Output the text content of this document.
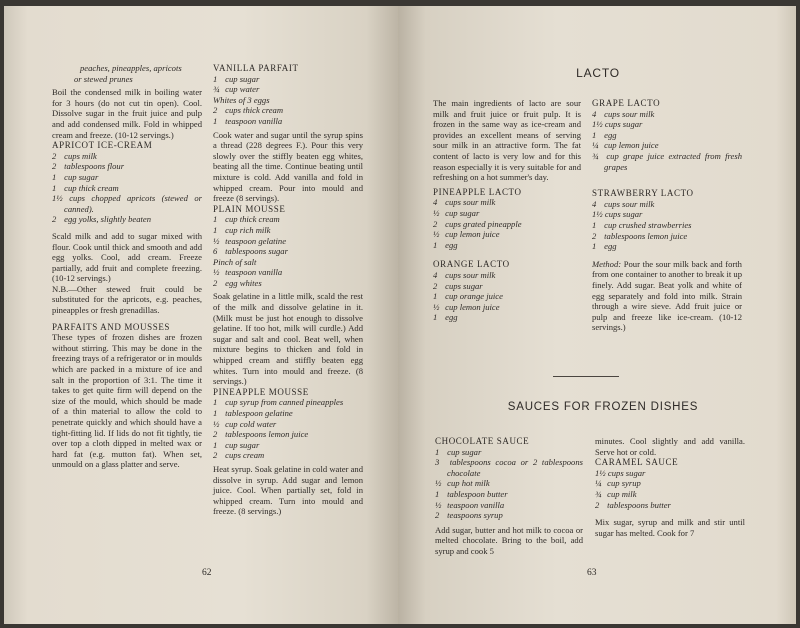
peaches, pineapples, apricots
or stewed prunes

Boil the condensed milk in boiling water for 3 hours (do not cut tin open). Cool. Dissolve sugar in the fruit juice and pulp and add condensed milk. Fold in whipped cream and freeze. (10-12 servings.)

APRICOT ICE-CREAM

2 cups milk
2 tablespoons flour
1 cup sugar
1 cup thick cream
1½ cups chopped apricots (stewed or canned).
2 egg yolks, slightly beaten

Scald milk and add to sugar mixed with flour. Cook until thick and smooth and add egg yolks. Cool, add cream. Freeze partially, add fruit and complete freezing. (10-12 servings.)

N.B.—Other stewed fruit could be substituted for the apricots, e.g. peaches, pineapples or fresh grenadillas.

PARFAITS AND MOUSSES

These types of frozen dishes are frozen without stirring. This may be done in the freezing trays of a refrigerator or in moulds which are packed in a mixture of ice and salt in the proportion of 3:1. The time it takes to get quite firm will depend on the size of the mould, which should be made of a thin material to allow the cold to penetrate quickly and which should have a tight-fitting lid. If lids do not fit tightly, tie over top a cloth dipped in melted wax or hard fat (e.g. mutton fat). When set, unmould on a glass platter and serve.

VANILLA PARFAIT

1 cup sugar
¾ cup water
Whites of 3 eggs
2 cups thick cream
1 teaspoon vanilla

Cook water and sugar until the syrup spins a thread (228 degrees F.). Pour this very slowly over the stiffly beaten egg whites, beating all the time. Continue beating until mixture is cold. Add vanilla and fold in whipped cream. Pour into mould and freeze (8 servings).

PLAIN MOUSSE

1 cup thick cream
1 cup rich milk
½ teaspoon gelatine
6 tablespoons sugar
Pinch of salt
½ teaspoon vanilla
2 egg whites

Soak gelatine in a little milk, scald the rest of the milk and dissolve gelatine in it. (Milk must be just hot enough to dissolve gelatine. If too hot, milk will curdle.) Add sugar and salt and cool. Beat well, when mixture begins to thicken and fold in whipped cream and stiffly beaten egg whites. Turn into mould and freeze. (8 servings.)

PINEAPPLE MOUSSE

1 cup syrup from canned pineapples
1 tablespoon gelatine
½ cup cold water
2 tablespoons lemon juice
1 cup sugar
2 cups cream

Heat syrup. Soak gelatine in cold water and dissolve in syrup. Add sugar and lemon juice. Cool. When partially set, fold in whipped cream. Turn into mould and freeze. (8 servings.)

62
LACTO

The main ingredients of lacto are sour milk and fruit juice or fruit pulp. It is frozen in the same way as ice-cream and provides an excellent means of serving sour milk in an attractive form. The fat content of lacto is very low and for this reason especially it is very suitable for and refreshing on a hot summer's day.

PINEAPPLE LACTO

4 cups sour milk
½ cup sugar
2 cups grated pineapple
½ cup lemon juice
1 egg

ORANGE LACTO

4 cups sour milk
2 cups sugar
1 cup orange juice
½ cup lemon juice
1 egg

GRAPE LACTO

4 cups sour milk
1½ cups sugar
1 egg
¼ cup lemon juice
¾ cup grape juice extracted from fresh grapes

STRAWBERRY LACTO

4 cups sour milk
1½ cups sugar
1 cup crushed strawberries
2 tablespoons lemon juice
1 egg

Method: Pour the sour milk back and forth from one container to another to break it up finely. Add sugar. Beat yolk and white of egg separately and fold into milk. Strain through a wire sieve. Add fruit juice or pulp and freeze like ice-cream. (10-12 servings.)

SAUCES FOR FROZEN DISHES

CHOCOLATE SAUCE

1 cup sugar
3 tablespoons cocoa or 2 tablespoons chocolate
½ cup hot milk
1 tablespoon butter
½ teaspoon vanilla
2 teaspoons syrup

Add sugar, butter and hot milk to cocoa or melted chocolate. Bring to the boil, add syrup and cook 5

minutes. Cool slightly and add vanilla. Serve hot or cold.

CARAMEL SAUCE

1½ cups sugar
¼ cup syrup
¾ cup milk
2 tablespoons butter

Mix sugar, syrup and milk and stir until sugar has melted. Cook for 7

63
